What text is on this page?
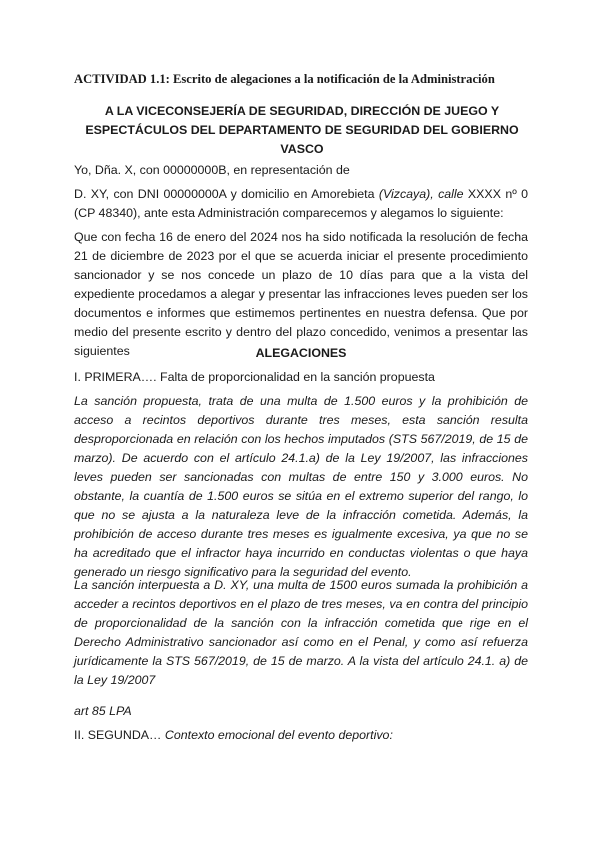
ACTIVIDAD 1.1: Escrito de alegaciones a la notificación de la Administración
A LA VICECONSEJERÍA DE SEGURIDAD, DIRECCIÓN DE JUEGO Y ESPECTÁCULOS DEL DEPARTAMENTO DE SEGURIDAD DEL GOBIERNO VASCO
Yo, Dña. X, con 00000000B, en representación de
D. XY, con DNI 00000000A y domicilio en Amorebieta (Vizcaya), calle XXXX nº 0 (CP 48340), ante esta Administración comparecemos y alegamos lo siguiente:
Que con fecha 16 de enero del 2024 nos ha sido notificada la resolución de fecha 21 de diciembre de 2023 por el que se acuerda iniciar el presente procedimiento sancionador y se nos concede un plazo de 10 días para que a la vista del expediente procedamos a alegar y presentar las infracciones leves pueden ser los documentos e informes que estimemos pertinentes en nuestra defensa. Que por medio del presente escrito y dentro del plazo concedido, venimos a presentar las siguientes	ALEGACIONES
I. PRIMERA…. Falta de proporcionalidad en la sanción propuesta
La sanción propuesta, trata de una multa de 1.500 euros y la prohibición de acceso a recintos deportivos durante tres meses, esta sanción resulta desproporcionada en relación con los hechos imputados (STS 567/2019, de 15 de marzo). De acuerdo con el artículo 24.1.a) de la Ley 19/2007, las infracciones leves pueden ser sancionadas con multas de entre 150 y 3.000 euros. No obstante, la cuantía de 1.500 euros se sitúa en el extremo superior del rango, lo que no se ajusta a la naturaleza leve de la infracción cometida. Además, la prohibición de acceso durante tres meses es igualmente excesiva, ya que no se ha acreditado que el infractor haya incurrido en conductas violentas o que haya generado un riesgo significativo para la seguridad del evento.
La sanción interpuesta a D. XY, una multa de 1500 euros sumada la prohibición a acceder a recintos deportivos en el plazo de tres meses, va en contra del principio de proporcionalidad de la sanción con la infracción cometida que rige en el Derecho Administrativo sancionador así como en el Penal, y como así refuerza jurídicamente la STS 567/2019, de 15 de marzo. A la vista del artículo 24.1. a) de la Ley 19/2007
art 85 LPA
II. SEGUNDA… Contexto emocional del evento deportivo:
